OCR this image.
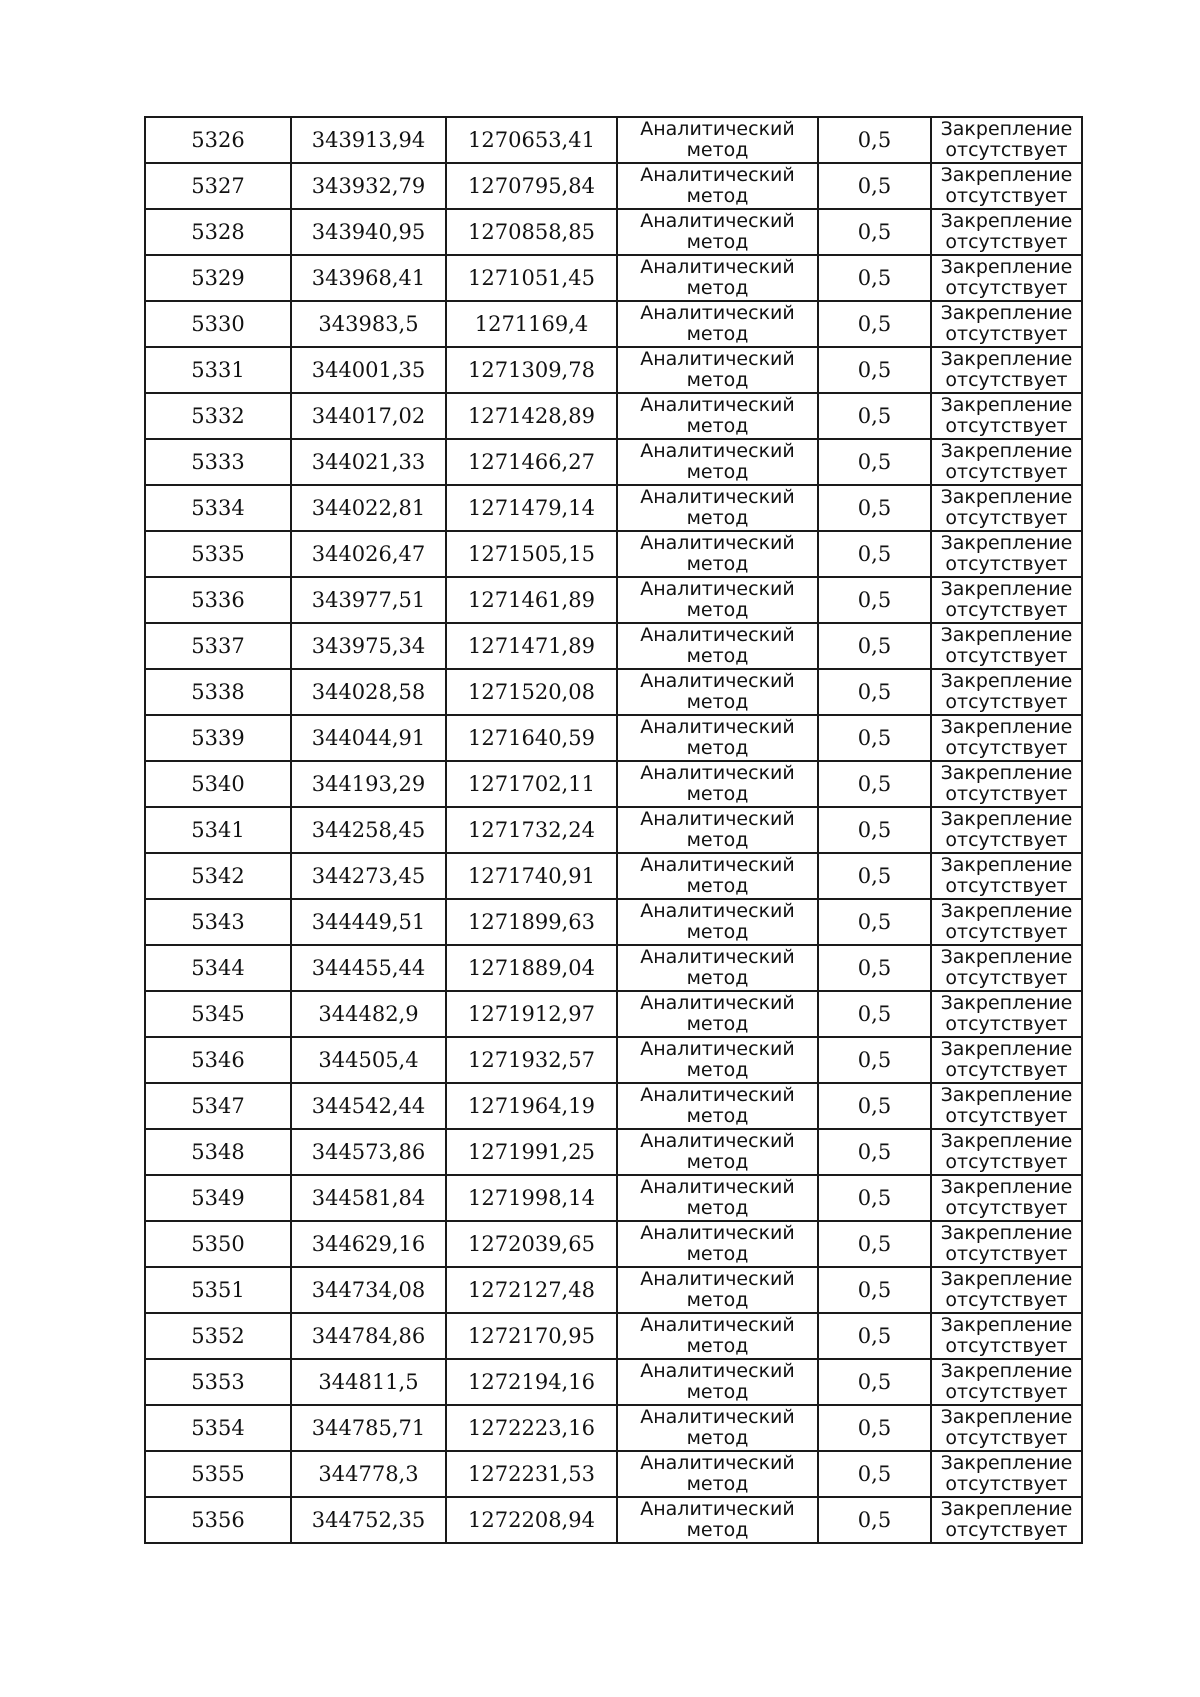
5326	343913,94	1270653,41	Аналитический
метод	0,5	Закрепление
отсутствует

5327	343932,79	1270795,84	Аналитический
метод	0,5	Закрепление
отсутствует

5328	343940,95	1270858,85	Аналитический
метод	0,5	Закрепление
отсутствует

5329	343968,41	1271051,45	Аналитический
метод	0,5	Закрепление
отсутствует

5330	343983,5	1271169,4	Аналитический
метод	0,5	Закрепление
отсутствует

5331	344001,35	1271309,78	Аналитический
метод	0,5	Закрепление
отсутствует

5332	344017,02	1271428,89	Аналитический
метод	0,5	Закрепление
отсутствует

5333	344021,33	1271466,27	Аналитический
метод	0,5	Закрепление
отсутствует

5334	344022,81	1271479,14	Аналитический
метод	0,5	Закрепление
отсутствует

5335	344026,47	1271505,15	Аналитический
метод	0,5	Закрепление
отсутствует

5336	343977,51	1271461,89	Аналитический
метод	0,5	Закрепление
отсутствует

5337	343975,34	1271471,89	Аналитический
метод	0,5	Закрепление
отсутствует

5338	344028,58	1271520,08	Аналитический
метод	0,5	Закрепление
отсутствует

5339	344044,91	1271640,59	Аналитический
метод	0,5	Закрепление
отсутствует

5340	344193,29	1271702,11	Аналитический
метод	0,5	Закрепление
отсутствует

5341	344258,45	1271732,24	Аналитический
метод	0,5	Закрепление
отсутствует

5342	344273,45	1271740,91	Аналитический
метод	0,5	Закрепление
отсутствует

5343	344449,51	1271899,63	Аналитический
метод	0,5	Закрепление
отсутствует

5344	344455,44	1271889,04	Аналитический
метод	0,5	Закрепление
отсутствует

5345	344482,9	1271912,97	Аналитический
метод	0,5	Закрепление
отсутствует

5346	344505,4	1271932,57	Аналитический
метод	0,5	Закрепление
отсутствует

5347	344542,44	1271964,19	Аналитический
метод	0,5	Закрепление
отсутствует

5348	344573,86	1271991,25	Аналитический
метод	0,5	Закрепление
отсутствует

5349	344581,84	1271998,14	Аналитический
метод	0,5	Закрепление
отсутствует

5350	344629,16	1272039,65	Аналитический
метод	0,5	Закрепление
отсутствует

5351	344734,08	1272127,48	Аналитический
метод	0,5	Закрепление
отсутствует

5352	344784,86	1272170,95	Аналитический
метод	0,5	Закрепление
отсутствует

5353	344811,5	1272194,16	Аналитический
метод	0,5	Закрепление
отсутствует

5354	344785,71	1272223,16	Аналитический
метод	0,5	Закрепление
отсутствует

5355	344778,3	1272231,53	Аналитический
метод	0,5	Закрепление
отсутствует

5356	344752,35	1272208,94	Аналитический
метод	0,5	Закрепление
отсутствует
